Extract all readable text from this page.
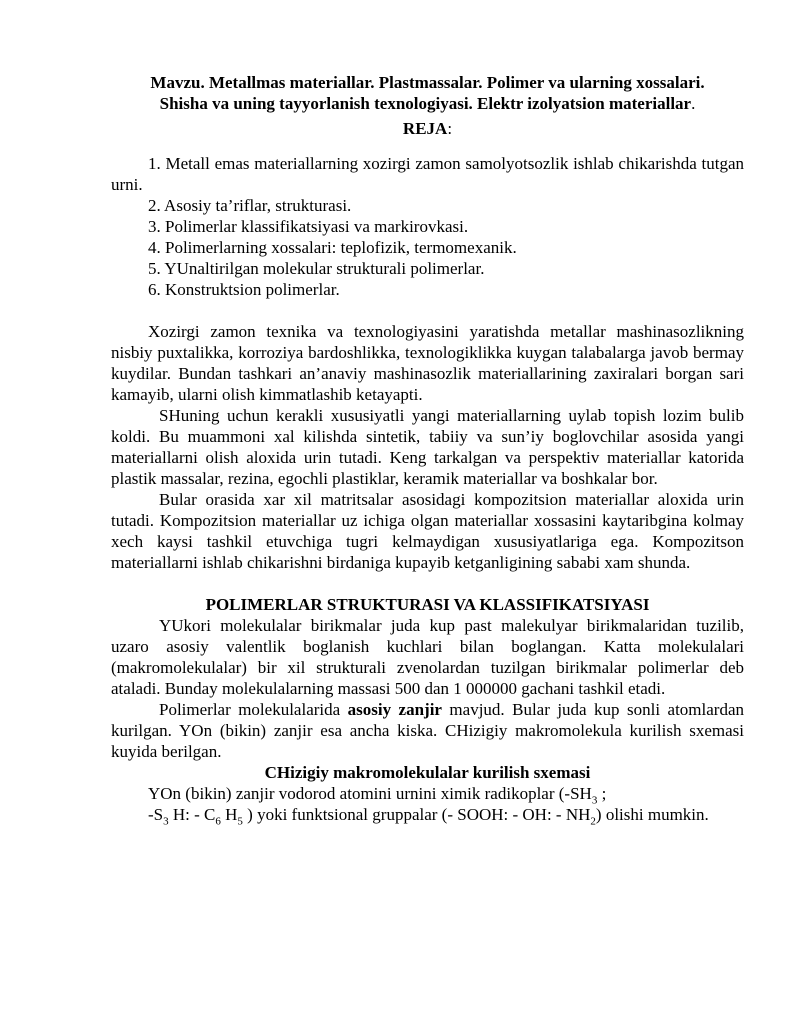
Mavzu. Metallmas materiallar. Plastmassalar. Polimer va ularning xossalari.
Shisha va uning tayyorlanish texnologiyasi. Elektr izolyatsion materiallar.

REJA:

1. Metall emas materiallarning xozirgi zamon samolyotsozlik ishlab chikarishda tutgan urni.
2. Asosiy ta’riflar, strukturasi.
3. Polimerlar klassifikatsiyasi va markirovkasi.
4. Polimerlarning xossalari: teplofizik, termomexanik.
5. YUnaltirilgan molekular strukturali polimerlar.
6. Konstruktsion polimerlar.

Xozirgi zamon texnika va texnologiyasini yaratishda metallar mashinasozlikning nisbiy puxtalikka, korroziya bardoshlikka, texnologiklikka kuygan talabalarga javob bermay kuydilar. Bundan tashkari an’anaviy mashinasozlik materiallarining zaxiralari borgan sari kamayib, ularni olish kimmatlashib ketayapti.

SHuning uchun kerakli xususiyatli yangi materiallarning uylab topish lozim bulib koldi. Bu muammoni xal kilishda sintetik, tabiiy va sun’iy boglovchilar asosida yangi materiallarni olish aloxida urin tutadi. Keng tarkalgan va perspektiv materiallar katorida plastik massalar, rezina, egochli plastiklar, keramik materiallar va boshkalar bor.

Bular orasida xar xil matritsalar asosidagi kompozitsion materiallar aloxida urin tutadi. Kompozitsion materiallar uz ichiga olgan materiallar xossasini kaytaribgina kolmay xech kaysi tashkil etuvchiga tugri kelmaydigan xususiyatlariga ega. Kompozitson materiallarni ishlab chikarishni birdaniga kupayib ketganligining sababi xam shunda.

POLIMERLAR STRUKTURASI VA KLASSIFIKATSIYASI

YUkori molekulalar birikmalar juda kup past malekulyar birikmalaridan tuzilib, uzaro asosiy valentlik boglanish kuchlari bilan boglangan. Katta molekulalari (makromolekulalar) bir xil strukturali zvenolardan tuzilgan birikmalar polimerlar deb ataladi. Bunday molekulalarning massasi 500 dan 1 000000 gachani tashkil etadi.

Polimerlar molekulalarida asosiy zanjir mavjud. Bular juda kup sonli atomlardan kurilgan. YOn (bikin) zanjir esa ancha kiska. CHizigiy makromolekula kurilish sxemasi kuyida berilgan.

CHizigiy makromolekulalar kurilish sxemasi

YOn (bikin) zanjir vodorod atomini urnini ximik radikoplar ($-SH_3$ ;

$-S_3$ H: - $C_6$ $H_5$ ) yoki funktsional gruppalar (- SOOH: - OH: - $NH_2$) olishi mumkin.
